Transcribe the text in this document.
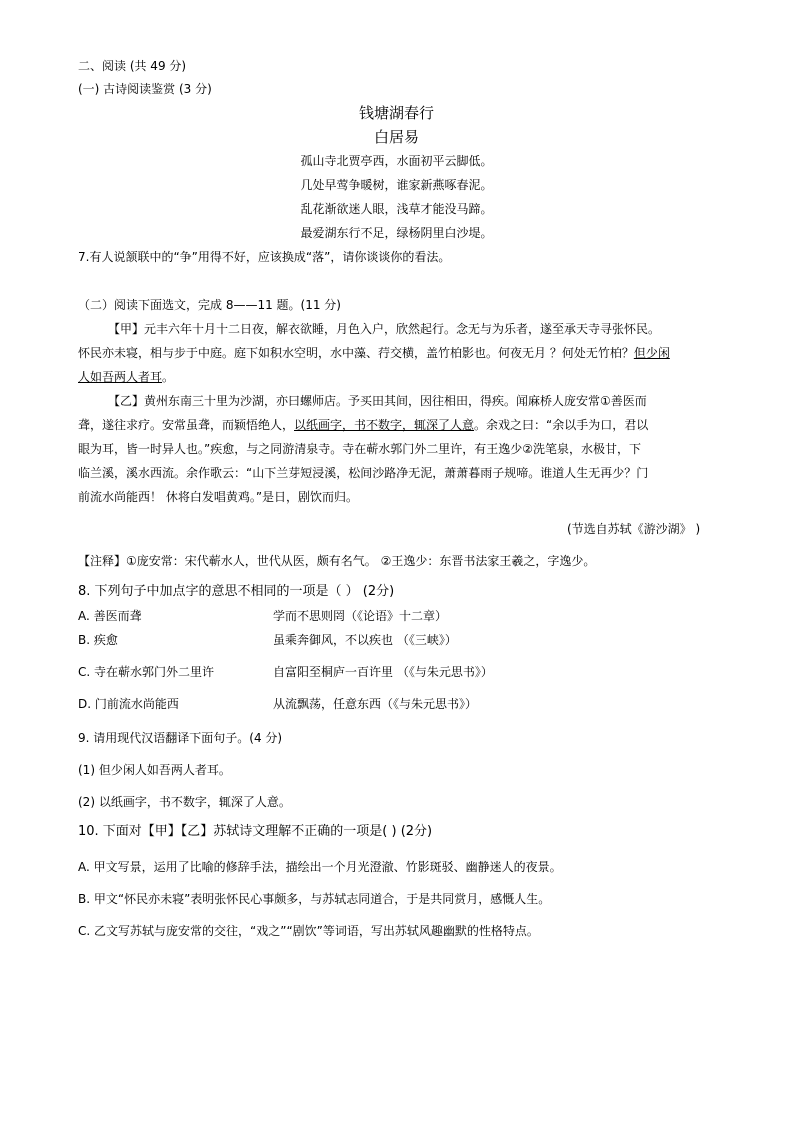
二、阅读 (共 49 分)
(一) 古诗阅读鉴赏 (3 分)
钱塘湖春行
白居易
孤山寺北贾亭西，水面初平云脚低。
几处早莺争暖树，谁家新燕啄春泥。
乱花渐欲迷人眼，浅草才能没马蹄。
最爱湖东行不足，绿杨阴里白沙堤。
7.有人说颔联中的“争”用得不好，应该换成“落”，请你谈谈你的看法。
（二）阅读下面选文，完成 8——11 题。(11 分)
【甲】元丰六年十月十二日夜，解衣欲睡，月色入户，欣然起行。念无与为乐者，遂至承天寺寻张怀民。
怀民亦未寝，相与步于中庭。庭下如积水空明，水中藻、荇交横，盖竹柏影也。何夜无月 ？何处无竹柏？但少闲
人如吾两人者耳。
【乙】黄州东南三十里为沙湖，亦曰螺师店。予买田其间，因往相田，得疾。闻麻桥人庞安常①善医而
聋，遂往求疗。安常虽聋，而颖悟绝人，以纸画字，书不数字，辄深了人意。余戏之曰：“余以手为口，君以
眼为耳，皆一时异人也。”疾愈，与之同游清泉寺。寺在蕲水郭门外二里许，有王逸少②洗笔泉，水极甘，下
临兰溪，溪水西流。余作歌云：“山下兰芽短浸溪，松间沙路净无泥，萧萧暮雨子规啼。谁道人生无再少？门
前流水尚能西！ 休将白发唱黄鸡。”是日，剧饮而归。
(节选自苏轼《游沙湖》 )
【注释】①庞安常：宋代蕲水人，世代从医，颇有名气。 ②王逸少：东晋书法家王羲之，字逸少。
8. 下列句子中加点字的意思不相同的一项是（ ） (2分)
A. 善医而聋	学而不思则罔（《论语》十二章）
B. 疾愈	虽乘奔御风，不以疾也 （《三峡》）
C. 寺在蕲水郭门外二里许	自富阳至桐庐一百许里 （《与朱元思书》）
D. 门前流水尚能西	从流飘荡，任意东西（《与朱元思书》）
9. 请用现代汉语翻译下面句子。(4 分)
(1) 但少闲人如吾两人者耳。
(2) 以纸画字，书不数字，辄深了人意。
10. 下面对【甲】【乙】苏轼诗文理解不正确的一项是( ) (2分)
A. 甲文写景，运用了比喻的修辞手法，描绘出一个月光澄澈、竹影斑驳、幽静迷人的夜景。
B. 甲文“怀民亦未寝”表明张怀民心事颇多，与苏轼志同道合，于是共同赏月，感慨人生。
C. 乙文写苏轼与庞安常的交往，“戏之”“剧饮”等词语，写出苏轼风趣幽默的性格特点。
